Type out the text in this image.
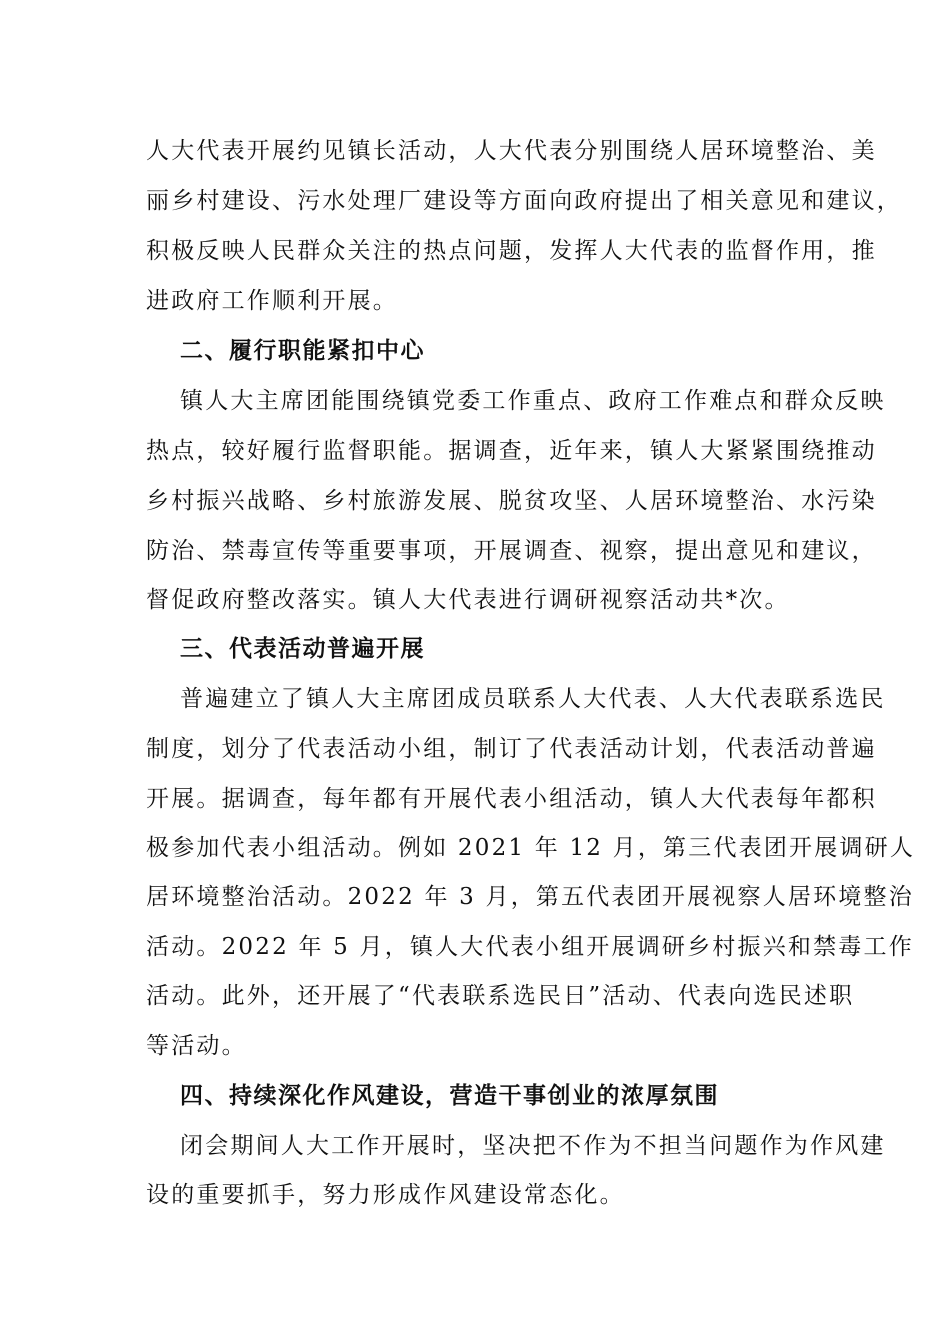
人大代表开展约见镇长活动，人大代表分别围绕人居环境整治、美
丽乡村建设、污水处理厂建设等方面向政府提出了相关意见和建议，
积极反映人民群众关注的热点问题，发挥人大代表的监督作用，推
进政府工作顺利开展。
二、履行职能紧扣中心
镇人大主席团能围绕镇党委工作重点、政府工作难点和群众反映
热点，较好履行监督职能。据调查，近年来，镇人大紧紧围绕推动
乡村振兴战略、乡村旅游发展、脱贫攻坚、人居环境整治、水污染
防治、禁毒宣传等重要事项，开展调查、视察，提出意见和建议，
督促政府整改落实。镇人大代表进行调研视察活动共*次。
三、代表活动普遍开展
普遍建立了镇人大主席团成员联系人大代表、人大代表联系选民
制度，划分了代表活动小组，制订了代表活动计划，代表活动普遍
开展。据调查，每年都有开展代表小组活动，镇人大代表每年都积
极参加代表小组活动。例如 2021 年 12 月，第三代表团开展调研人
居环境整治活动。2022 年 3 月，第五代表团开展视察人居环境整治
活动。2022 年 5 月，镇人大代表小组开展调研乡村振兴和禁毒工作
活动。此外，还开展了“代表联系选民日”活动、代表向选民述职
等活动。
四、持续深化作风建设，营造干事创业的浓厚氛围
闭会期间人大工作开展时，坚决把不作为不担当问题作为作风建
设的重要抓手，努力形成作风建设常态化。
